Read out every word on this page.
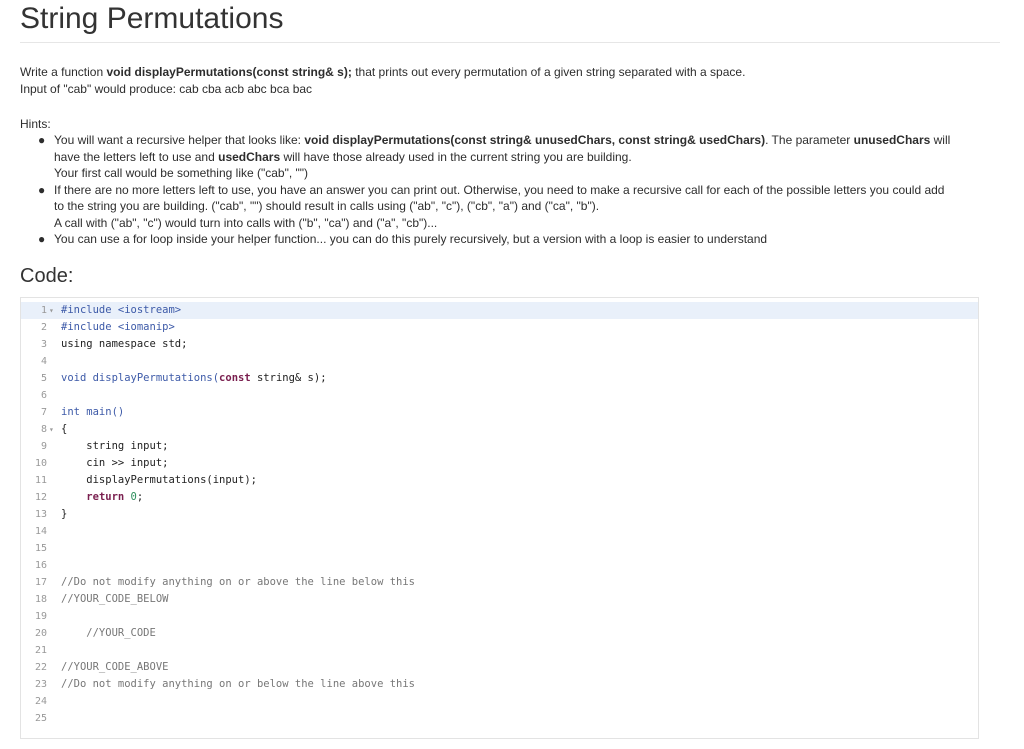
String Permutations

Write a function void displayPermutations(const string& s); that prints out every permutation of a given string separated with a space.

Input of "cab" would produce: cab cba acb abc bca bac

Hints:
● You will want a recursive helper that looks like: void displayPermutations(const string& unusedChars, const string& usedChars). The parameter unusedChars will
have the letters left to use and usedChars will have those already used in the current string you are building.
Your first call would be something like ("cab", "")
● If there are no more letters left to use, you have an answer you can print out. Otherwise, you need to make a recursive call for each of the possible letters you could add
to the string you are building. ("cab", "") should result in calls using ("ab", "c"), ("cb", "a") and ("ca", "b").
A call with ("ab", "c") would turn into calls with ("b", "ca") and ("a", "cb")...
● You can use a for loop inside your helper function... you can do this purely recursively, but a version with a loop is easier to understand
Code:
1 ▾ #include <iostream>
2 #include <iomanip>
3 using namespace std;
4
5 void displayPermutations(const string& s);
6
7 int main()
8 ▾ {
9 string input;
10 cin >> input;
11 displayPermutations(input);
12	return 0;
13 }
14
15
16
17 //Do not modify anything on or above the line below this
18 //YOUR_CODE_BELOW
19
20 //YOUR_CODE
21
22 //YOUR_CODE_ABOVE
23 //Do not modify anything on or below the line above this
24
25
